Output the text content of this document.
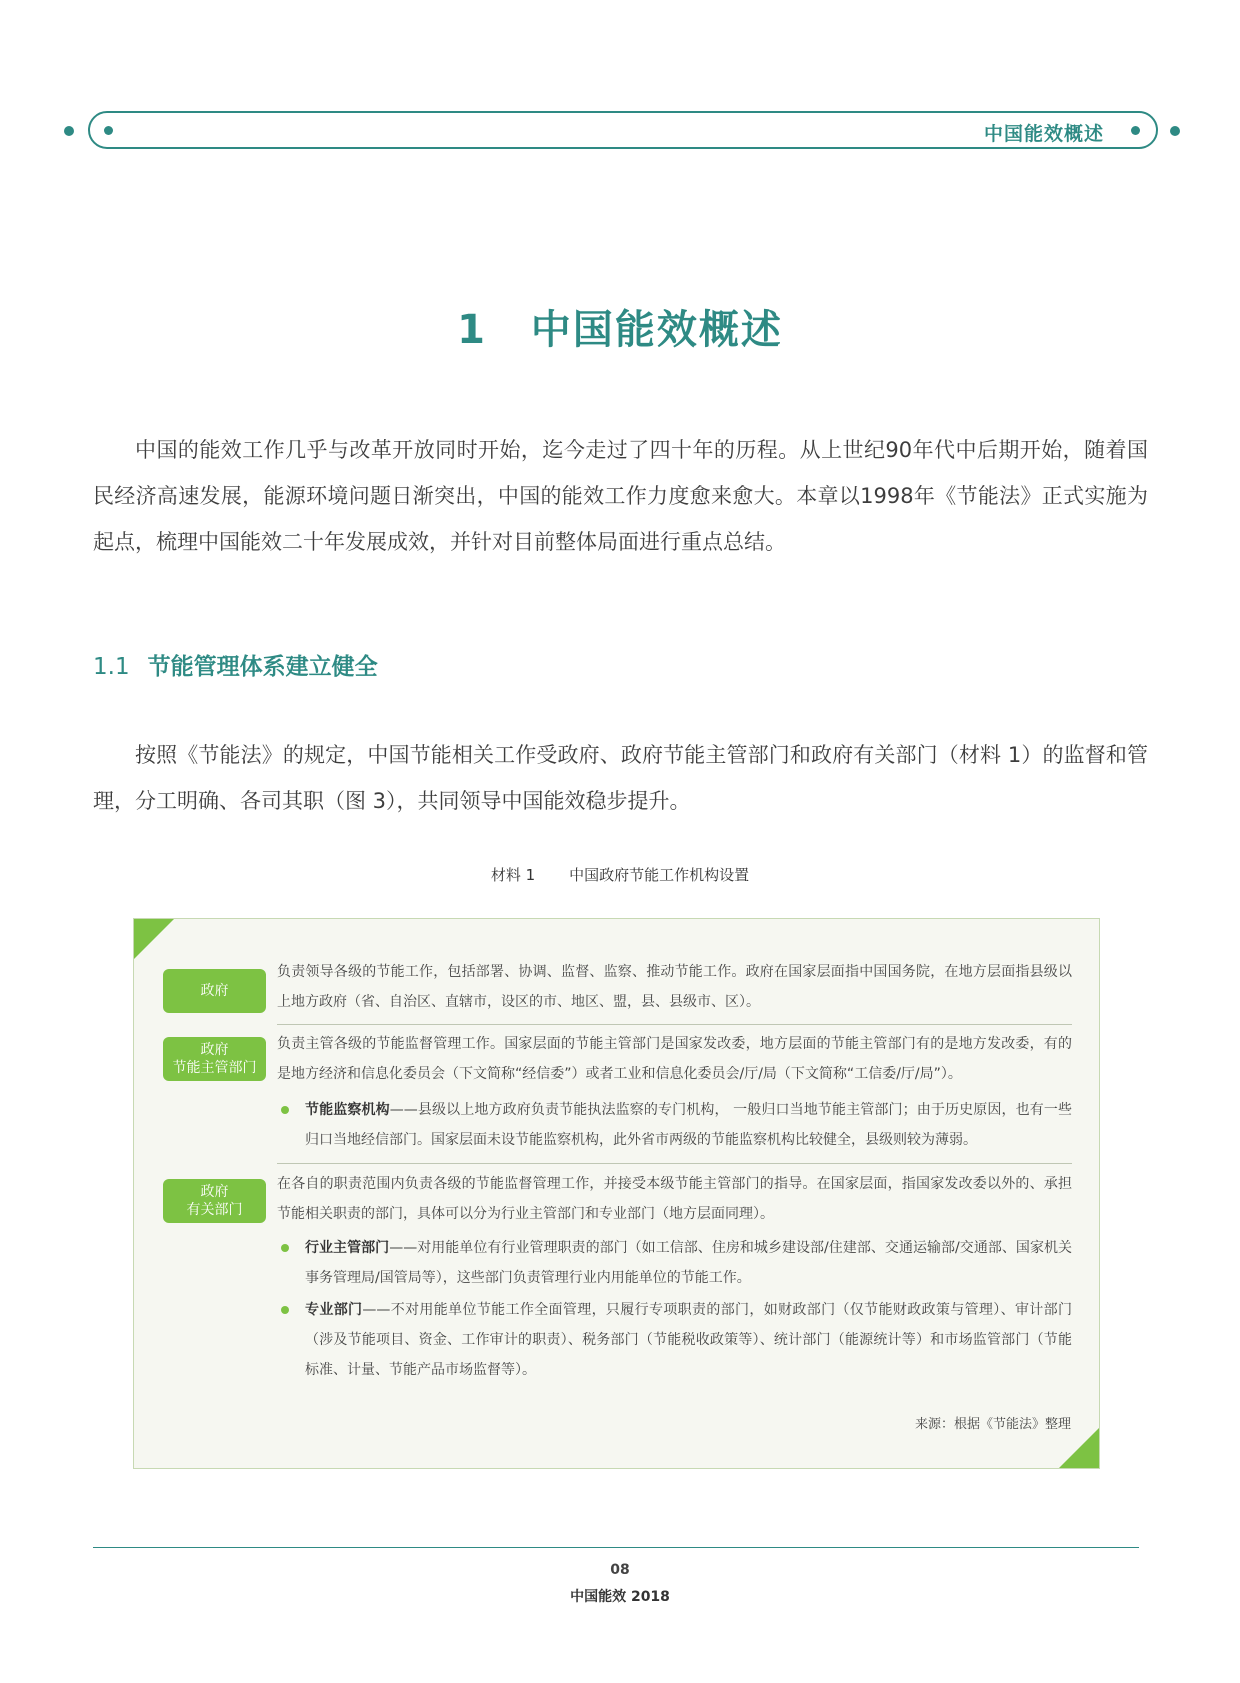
中国能效概述
1 中国能效概述
中国的能效工作几乎与改革开放同时开始，迄今走过了四十年的历程。从上世纪90年代中后期开始，随着国民经济高速发展，能源环境问题日渐突出，中国的能效工作力度愈来愈大。本章以1998年《节能法》正式实施为起点，梳理中国能效二十年发展成效，并针对目前整体局面进行重点总结。
1.1 节能管理体系建立健全
按照《节能法》的规定，中国节能相关工作受政府、政府节能主管部门和政府有关部门（材料 1）的监督和管理，分工明确、各司其职（图 3），共同领导中国能效稳步提升。
材料 1 中国政府节能工作机构设置
政府
负责领导各级的节能工作，包括部署、协调、监督、监察、推动节能工作。政府在国家层面指中国国务院，在地方层面指县级以上地方政府（省、自治区、直辖市，设区的市、地区、盟，县、县级市、区）。
政府
节能主管部门
负责主管各级的节能监督管理工作。国家层面的节能主管部门是国家发改委，地方层面的节能主管部门有的是地方发改委，有的是地方经济和信息化委员会（下文简称“经信委”）或者工业和信息化委员会/厅/局（下文简称“工信委/厅/局”）。
节能监察机构——县级以上地方政府负责节能执法监察的专门机构， 一般归口当地节能主管部门；由于历史原因，也有一些归口当地经信部门。国家层面未设节能监察机构，此外省市两级的节能监察机构比较健全，县级则较为薄弱。
政府
有关部门
在各自的职责范围内负责各级的节能监督管理工作，并接受本级节能主管部门的指导。在国家层面，指国家发改委以外的、承担节能相关职责的部门，具体可以分为行业主管部门和专业部门（地方层面同理）。
行业主管部门——对用能单位有行业管理职责的部门（如工信部、住房和城乡建设部/住建部、交通运输部/交通部、国家机关事务管理局/国管局等），这些部门负责管理行业内用能单位的节能工作。
专业部门——不对用能单位节能工作全面管理，只履行专项职责的部门，如财政部门（仅节能财政政策与管理）、审计部门（涉及节能项目、资金、工作审计的职责）、税务部门（节能税收政策等）、统计部门（能源统计等）和市场监管部门（节能标准、计量、节能产品市场监督等）。
来源：根据《节能法》整理
08
中国能效 2018
